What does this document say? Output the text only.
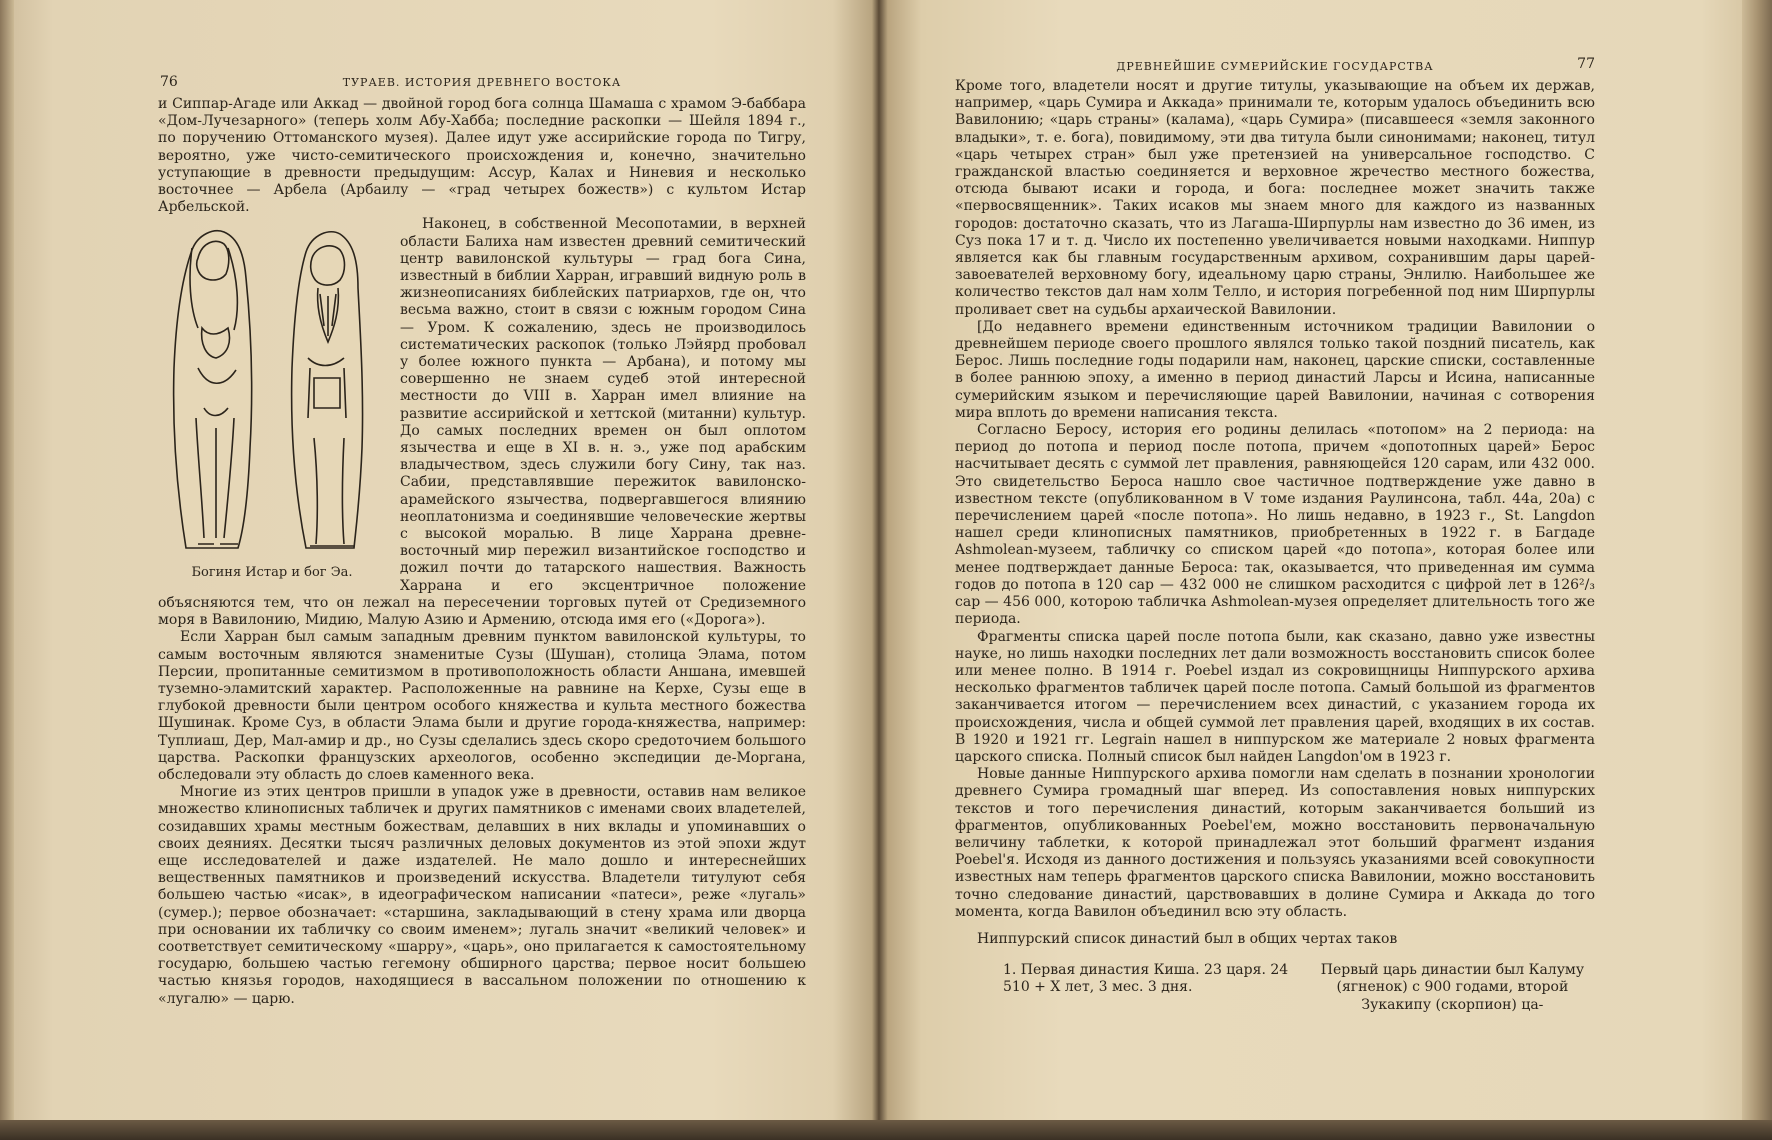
76	ТУРАЕВ. ИСТОРИЯ ДРЕВНЕГО ВОСТОКА

и Сиппар-Агаде или Аккад — двойной город бога солнца Шамаша с храмом Э-баббара «Дом-Лучезарного» (теперь холм Абу-Хабба; последние раскопки — Шейля 1894 г., по поручению Оттоманского музея). Далее идут уже ассирийские города по Тигру, вероятно, уже чисто-семитического происхождения и, конечно, значительно уступающие в древности предыдущим: Ассур, Калах и Ниневия и несколько восточнее — Арбела (Арбаилу — «град четырех божеств») с культом Истар Арбельской.

Богиня Истар и бог Эа.

Наконец, в собственной Месопотамии, в верхней области Балиха нам известен древний семитический центр вавилонской культуры — град бога Сина, известный в библии Харран, игравший видную роль в жизнеописаниях библейских патриархов, где он, что весьма важно, стоит в связи с южным городом Сина — Уром. К сожалению, здесь не производилось систематических раскопок (только Лэйярд пробовал у более южного пункта — Арбана), и потому мы совершенно не знаем судеб этой интересной местности до VIII в. Харран имел влияние на развитие ассирийской и хеттской (митанни) культур. До самых последних времен он был оплотом язычества и еще в XI в. н. э., уже под арабским владычеством, здесь служили богу Сину, так наз. Сабии, представлявшие пережиток вавилонско-арамейского язычества, подвергавшегося влиянию неоплатонизма и соединявшие человеческие жертвы с высокой моралью. В лице Харрана древне-восточный мир пережил византийское господство и дожил почти до татарского нашествия. Важность Харрана и его эксцентричное положение объясняются тем, что он лежал на пересечении торговых путей от Средиземного моря в Вавилонию, Мидию, Малую Азию и Армению, отсюда имя его («Дорога»).

Если Харран был самым западным древним пунктом вавилонской культуры, то самым восточным являются знаменитые Сузы (Шушан), столица Элама, потом Персии, пропитанные семитизмом в противоположность области Аншана, имевшей туземно-эламитский характер. Расположенные на равнине на Керхе, Сузы еще в глубокой древности были центром особого княжества и культа местного божества Шушинак. Кроме Суз, в области Элама были и другие города-княжества, например: Туплиаш, Дер, Мал-амир и др., но Сузы сделались здесь скоро средоточием большого царства. Раскопки французских археологов, особенно экспедиции де-Моргана, обследовали эту область до слоев каменного века.

Многие из этих центров пришли в упадок уже в древности, оставив нам великое множество клинописных табличек и других памятников с именами своих владетелей, созидавших храмы местным божествам, делавших в них вклады и упоминавших о своих деяниях. Десятки тысяч различных деловых документов из этой эпохи ждут еще исследователей и даже издателей. Не мало дошло и интереснейших вещественных памятников и произведений искусства. Владетели титулуют себя большею частью «исак», в идеографическом написании «патеси», реже «лугаль» (сумер.); первое обозначает: «старшина, закладывающий в стену храма или дворца при основании их табличку со своим именем»; лугаль значит «великий человек» и соответствует семитическому «шарру», «царь», оно прилагается к самостоятельному государю, большею частью гегемону обширного царства; первое носит большею частью князья городов, находящиеся в вассальном положении по отношению к «лугалю» — царю.

ДРЕВНЕЙШИЕ СУМЕРИЙСКИЕ ГОСУДАРСТВА	77

Кроме того, владетели носят и другие титулы, указывающие на объем их держав, например, «царь Сумира и Аккада» принимали те, которым удалось объединить всю Вавилонию; «царь страны» (калама), «царь Сумира» (писавшееся «земля законного владыки», т. е. бога), повидимому, эти два титула были синонимами; наконец, титул «царь четырех стран» был уже претензией на универсальное господство. С гражданской властью соединяется и верховное жречество местного божества, отсюда бывают исаки и города, и бога: последнее может значить также «первосвященник». Таких исаков мы знаем много для каждого из названных городов: достаточно сказать, что из Лагаша-Ширпурлы нам известно до 36 имен, из Суз пока 17 и т. д. Число их постепенно увеличивается новыми находками. Ниппур является как бы главным государственным архивом, сохранившим дары царей-завоевателей верховному богу, идеальному царю страны, Энлилю. Наибольшее же количество текстов дал нам холм Телло, и история погребенной под ним Ширпурлы проливает свет на судьбы архаической Вавилонии.

[До недавнего времени единственным источником традиции Вавилонии о древнейшем периоде своего прошлого являлся только такой поздний писатель, как Берос. Лишь последние годы подарили нам, наконец, царские списки, составленные в более раннюю эпоху, а именно в период династий Ларсы и Исина, написанные сумерийским языком и перечисляющие царей Вавилонии, начиная с сотворения мира вплоть до времени написания текста.

Согласно Беросу, история его родины делилась «потопом» на 2 периода: на период до потопа и период после потопа, причем «допотопных царей» Берос насчитывает десять с суммой лет правления, равняющейся 120 сарам, или 432 000. Это свидетельство Бероса нашло свое частичное подтверждение уже давно в известном тексте (опубликованном в V томе издания Раулинсона, табл. 44a, 20a) с перечислением царей «после потопа». Но лишь недавно, в 1923 г., St. Langdon нашел среди клинописных памятников, приобретенных в 1922 г. в Багдаде Ashmolean-музеем, табличку со списком царей «до потопа», которая более или менее подтверждает данные Бероса: так, оказывается, что приведенная им сумма годов до потопа в 120 сар — 432 000 не слишком расходится с цифрой лет в 126²/₃ сар — 456 000, которою табличка Ashmolean-музея определяет длительность того же периода.

Фрагменты списка царей после потопа были, как сказано, давно уже известны науке, но лишь находки последних лет дали возможность восстановить список более или менее полно. В 1914 г. Poebel издал из сокровищницы Ниппурского архива несколько фрагментов табличек царей после потопа. Самый большой из фрагментов заканчивается итогом — перечислением всех династий, с указанием города их происхождения, числа и общей суммой лет правления царей, входящих в их состав. В 1920 и 1921 гг. Legrain нашел в ниппурском же материале 2 новых фрагмента царского списка. Полный список был найден Langdon'ом в 1923 г.

Новые данные Ниппурского архива помогли нам сделать в познании хронологии древнего Сумира громадный шаг вперед. Из сопоставления новых ниппурских текстов и того перечисления династий, которым заканчивается больший из фрагментов, опубликованных Poebel'ем, можно восстановить первоначальную величину таблетки, к которой принадлежал этот больший фрагмент издания Poebel'я. Исходя из данного достижения и пользуясь указаниями всей совокупности известных нам теперь фрагментов царского списка Вавилонии, можно восстановить точно следование династий, царствовавших в долине Сумира и Аккада до того момента, когда Вавилон объединил всю эту область.

Ниппурский список династий был в общих чертах таков

1. Первая династия Киша. 23 царя. 24 510 + X лет, 3 мес. 3 дня.
Первый царь династии был Калуму (ягненок) с 900 годами, второй Зукакипу (скорпион) ца-
